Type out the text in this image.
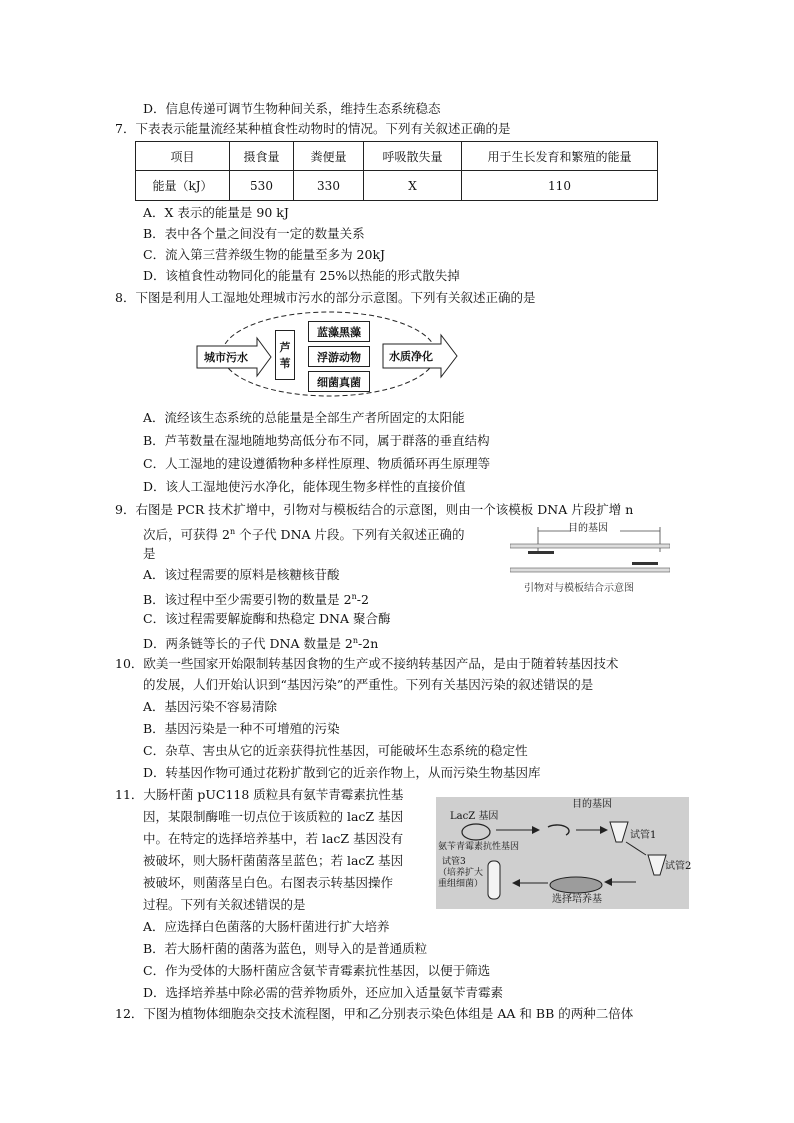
D．信息传递可调节生物种间关系，维持生态系统稳态
7．下表表示能量流经某种植食性动物时的情况。下列有关叙述正确的是
项目	摄食量	粪便量	呼吸散失量	用于生长发育和繁殖的能量
能量（kJ）	530	330	X	110
A．X 表示的能量是 90 kJ
B．表中各个量之间没有一定的数量关系
C．流入第三营养级生物的能量至多为 20kJ
D．该植食性动物同化的能量有 25%以热能的形式散失掉
8．下图是利用人工湿地处理城市污水的部分示意图。下列有关叙述正确的是
城市污水
芦
苇
蓝藻黑藻
浮游动物
细菌真菌
水质净化
A．流经该生态系统的总能量是全部生产者所固定的太阳能
B．芦苇数量在湿地随地势高低分布不同，属于群落的垂直结构
C．人工湿地的建设遵循物种多样性原理、物质循环再生原理等
D．该人工湿地使污水净化，能体现生物多样性的直接价值
9．右图是 PCR 技术扩增中，引物对与模板结合的示意图，则由一个该模板 DNA 片段扩增 n
次后，可获得 2$^n$ 个子代 DNA 片段。下列有关叙述正确的
是
A．该过程需要的原料是核糖核苷酸
B．该过程中至少需要引物的数量是 2$^n$-2
C．该过程需要解旋酶和热稳定 DNA 聚合酶
D．两条链等长的子代 DNA 数量是 2$^n$-2n
目的基因
引物对与模板结合示意图
10．欧美一些国家开始限制转基因食物的生产或不接纳转基因产品，是由于随着转基因技术
的发展，人们开始认识到“基因污染”的严重性。下列有关基因污染的叙述错误的是
A．基因污染不容易清除
B．基因污染是一种不可增殖的污染
C．杂草、害虫从它的近亲获得抗性基因，可能破坏生态系统的稳定性
D．转基因作物可通过花粉扩散到它的近亲作物上，从而污染生物基因库
11．大肠杆菌 pUC118 质粒具有氨苄青霉素抗性基
因，某限制酶唯一切点位于该质粒的 lacZ 基因
中。在特定的选择培养基中，若 lacZ 基因没有
被破坏，则大肠杆菌菌落呈蓝色；若 lacZ 基因
被破坏，则菌落呈白色。右图表示转基因操作
过程。下列有关叙述错误的是
A．应选择白色菌落的大肠杆菌进行扩大培养
B．若大肠杆菌的菌落为蓝色，则导入的是普通质粒
C．作为受体的大肠杆菌应含氨苄青霉素抗性基因，以便于筛选
D．选择培养基中除必需的营养物质外，还应加入适量氨苄青霉素
LacZ 基因
氨苄青霉素抗性基因
目的基因
试管1
试管2
试管3
（培养扩大
重组细菌）
选择培养基
12．下图为植物体细胞杂交技术流程图，甲和乙分别表示染色体组是 AA 和 BB 的两种二倍体
